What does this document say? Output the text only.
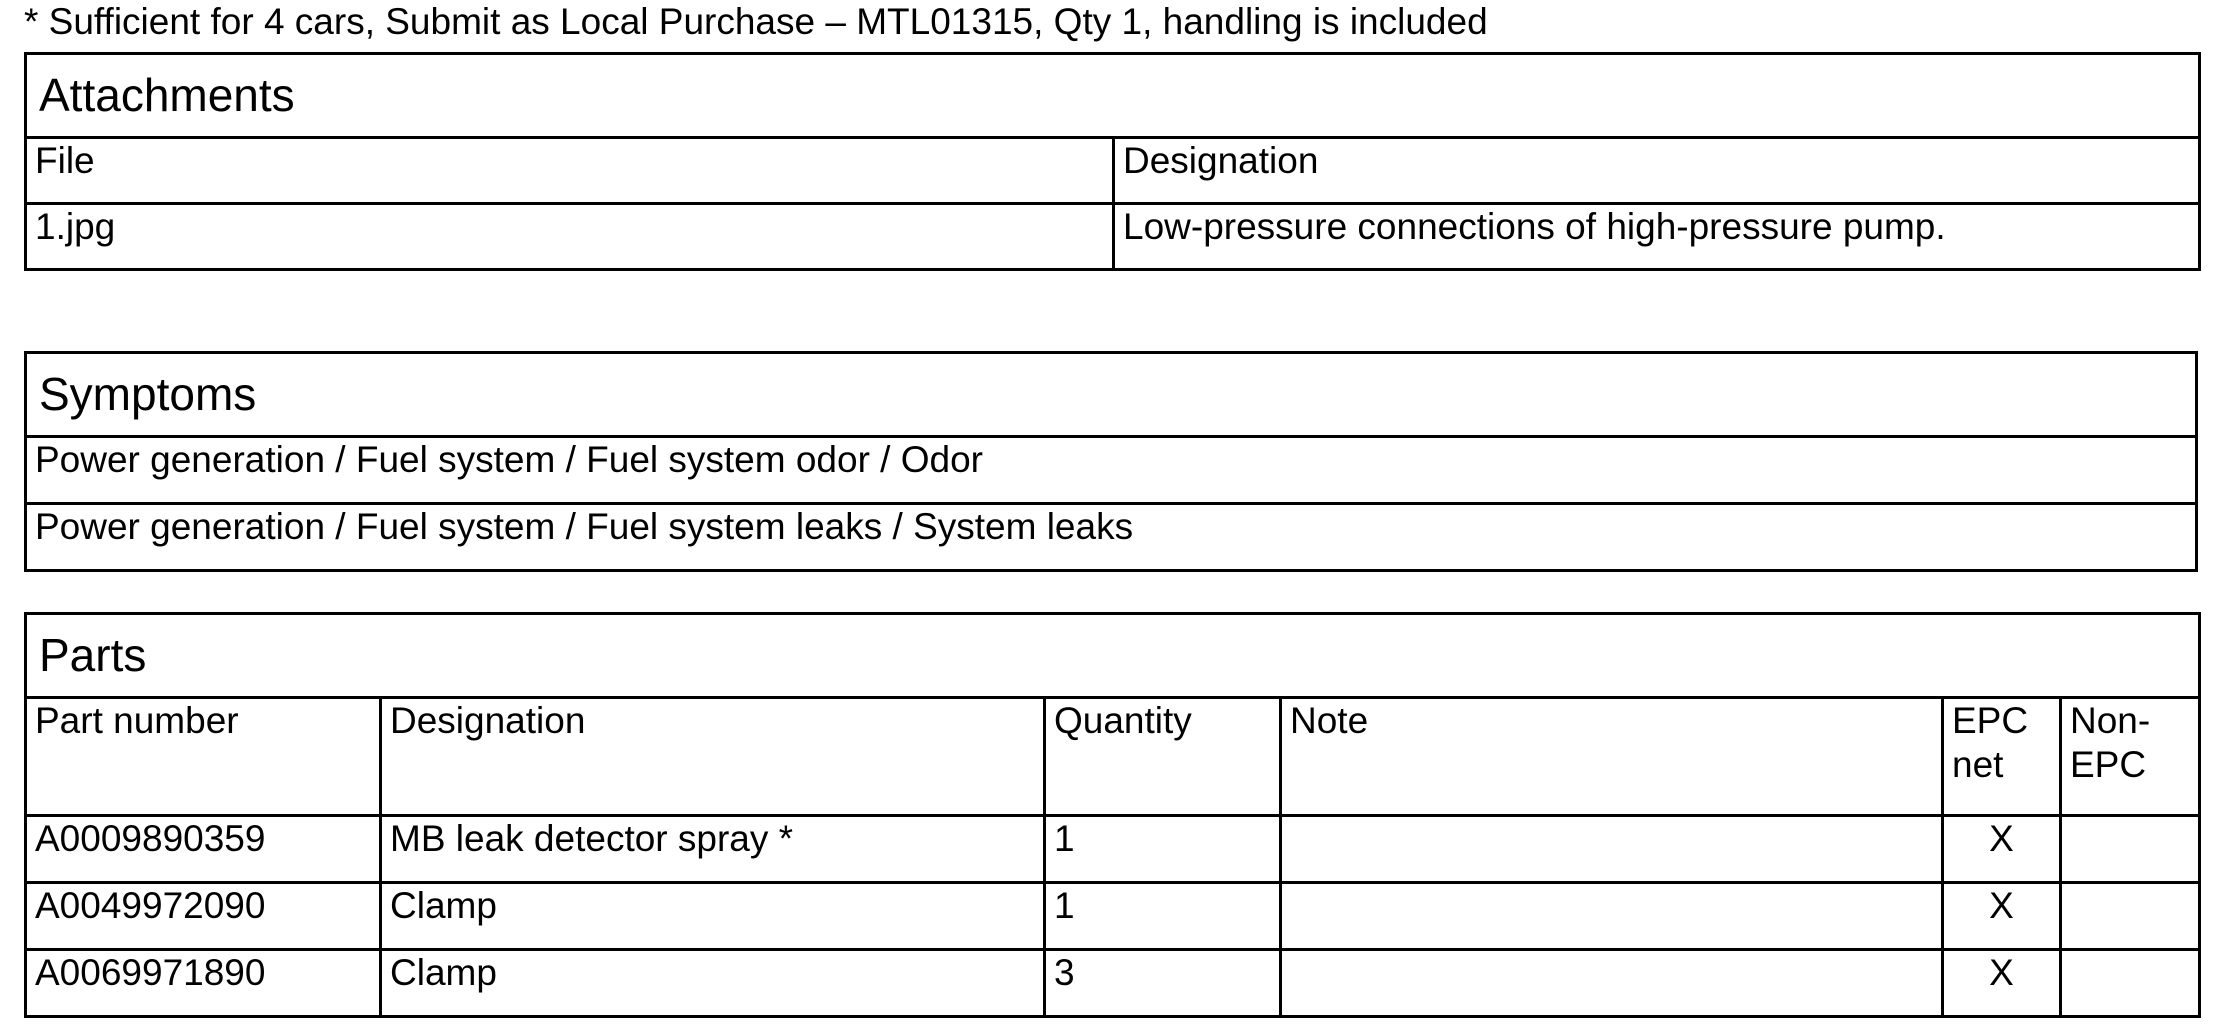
* Sufficient for 4 cars, Submit as Local Purchase – MTL01315, Qty 1, handling is included
Attachments	
File	Designation
1.jpg	Low-pressure connections of high-pressure pump.
Symptoms
Power generation / Fuel system / Fuel system odor / Odor
Power generation / Fuel system / Fuel system leaks / System leaks
Parts					
Part number	Designation	Quantity	Note	EPC net	Non-EPC
A0009890359	MB leak detector spray *	1		X	
A0049972090	Clamp	1		X	
A0069971890	Clamp	3		X	
